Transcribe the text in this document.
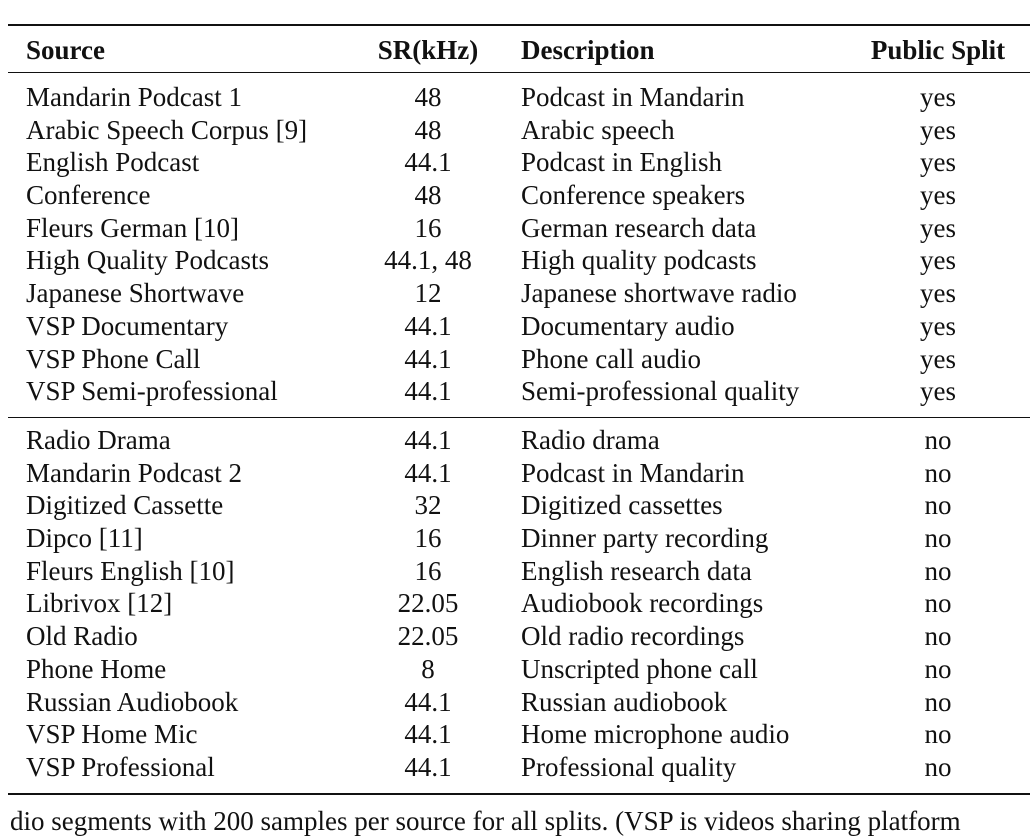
Source	SR(kHz)	Description	Public Split
Mandarin Podcast 1	48	Podcast in Mandarin	yes
Arabic Speech Corpus [9]	48	Arabic speech	yes
English Podcast	44.1	Podcast in English	yes
Conference	48	Conference speakers	yes
Fleurs German [10]	16	German research data	yes
High Quality Podcasts	44.1, 48	High quality podcasts	yes
Japanese Shortwave	12	Japanese shortwave radio	yes
VSP Documentary	44.1	Documentary audio	yes
VSP Phone Call	44.1	Phone call audio	yes
VSP Semi-professional	44.1	Semi-professional quality	yes
Radio Drama	44.1	Radio drama	no
Mandarin Podcast 2	44.1	Podcast in Mandarin	no
Digitized Cassette	32	Digitized cassettes	no
Dipco [11]	16	Dinner party recording	no
Fleurs English [10]	16	English research data	no
Librivox [12]	22.05	Audiobook recordings	no
Old Radio	22.05	Old radio recordings	no
Phone Home	8	Unscripted phone call	no
Russian Audiobook	44.1	Russian audiobook	no
VSP Home Mic	44.1	Home microphone audio	no
VSP Professional	44.1	Professional quality	no
dio segments with 200 samples per source for all splits. (VSP is videos sharing platform
